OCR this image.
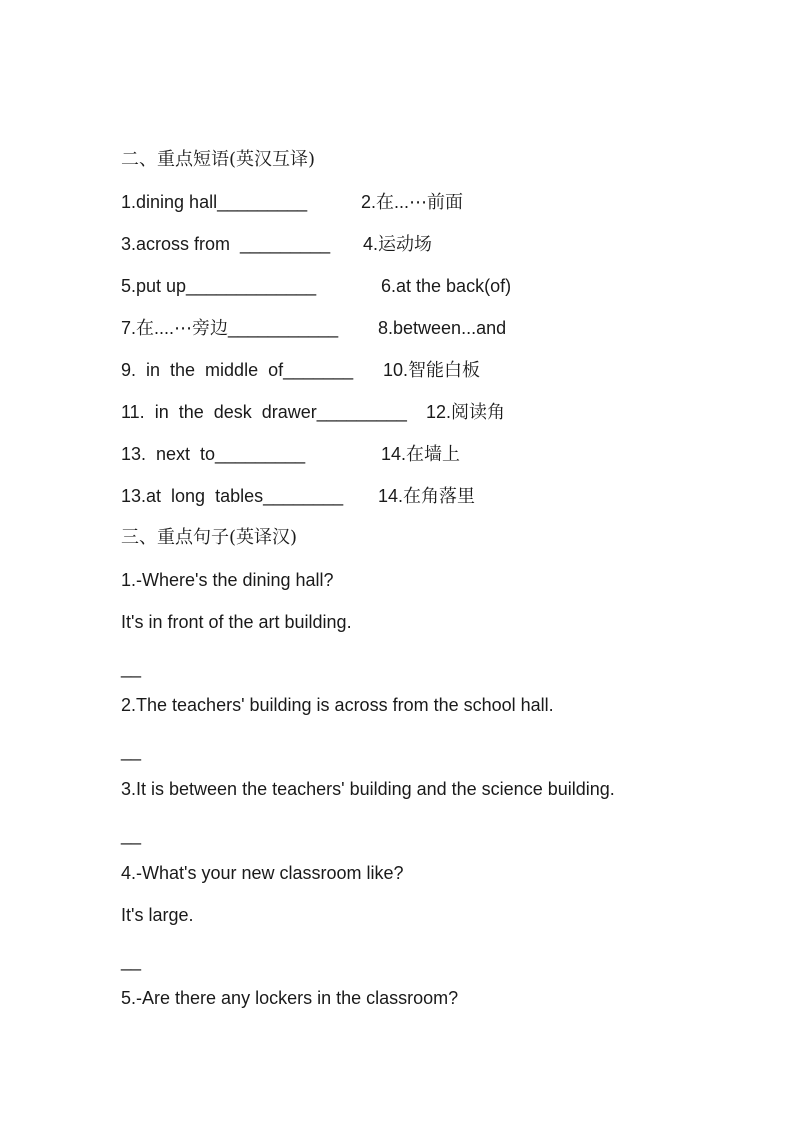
二、重点短语(英汉互译)
1.dining hall_________	2.在...⋯前面
3.across from  _________ 4.运动场
5.put up_____________	6.at the back(of)
7.在....⋯旁边___________ 8.between...and
9.  in  the  middle  of_______ 10.智能白板
11.  in  the  desk  drawer_________ 12.阅读角
13.  next  to_________	14.在墙上
13.at  long  tables________ 14.在角落里
三、重点句子(英译汉)
1.-Where's the dining hall?
It's in front of the art building.
__
2.The teachers' building is across from the school hall.
__
3.It is between the teachers' building and the science building.
__
4.-What's your new classroom like?
It's large.
__
5.-Are there any lockers in the classroom?
